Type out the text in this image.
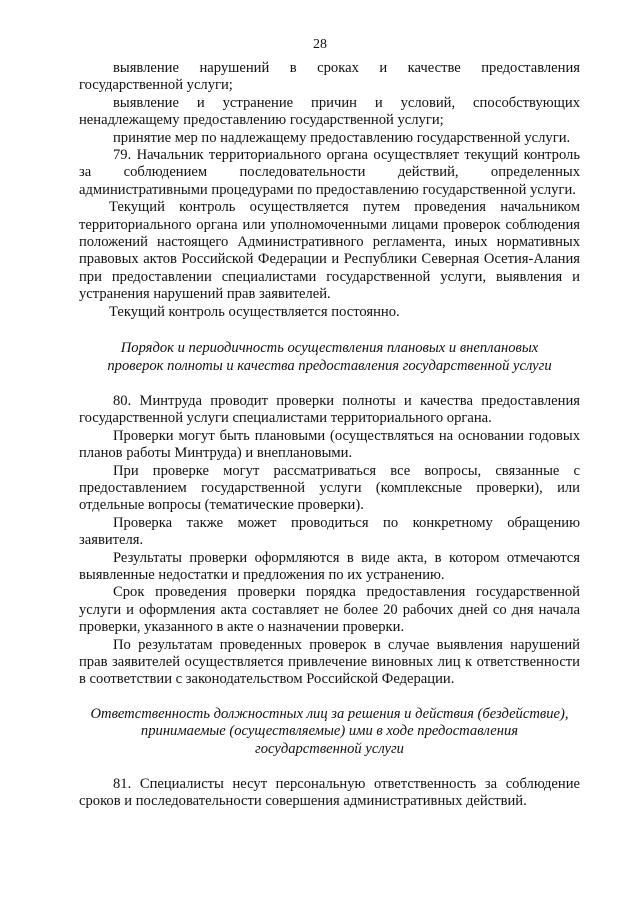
28

выявление нарушений в сроках и качестве предоставления государственной услуги;

выявление и устранение причин и условий, способствующих ненадлежащему предоставлению государственной услуги;

принятие мер по надлежащему предоставлению государственной услуги.

79. Начальник территориального органа осуществляет текущий контроль за соблюдением последовательности действий, определенных административными процедурами по предоставлению государственной услуги.

Текущий контроль осуществляется путем проведения начальником территориального органа или уполномоченными лицами проверок соблюдения положений настоящего Административного регламента, иных нормативных правовых актов Российской Федерации и Республики Северная Осетия-Алания при предоставлении специалистами государственной услуги, выявления и устранения нарушений прав заявителей.

Текущий контроль осуществляется постоянно.

Порядок и периодичность осуществления плановых и внеплановых
проверок полноты и качества предоставления государственной услуги

80. Минтруда проводит проверки полноты и качества предоставления государственной услуги специалистами территориального органа.

Проверки могут быть плановыми (осуществляться на основании годовых планов работы Минтруда) и внеплановыми.

При проверке могут рассматриваться все вопросы, связанные с предоставлением государственной услуги (комплексные проверки), или отдельные вопросы (тематические проверки).

Проверка также может проводиться по конкретному обращению заявителя.

Результаты проверки оформляются в виде акта, в котором отмечаются выявленные недостатки и предложения по их устранению.

Срок проведения проверки порядка предоставления государственной услуги и оформления акта составляет не более 20 рабочих дней со дня начала проверки, указанного в акте о назначении проверки.

По результатам проведенных проверок в случае выявления нарушений прав заявителей осуществляется привлечение виновных лиц к ответственности в соответствии с законодательством Российской Федерации.

Ответственность должностных лиц за решения и действия (бездействие),
принимаемые (осуществляемые) ими в ходе предоставления
государственной услуги

81. Специалисты несут персональную ответственность за соблюдение сроков и последовательности совершения административных действий.
